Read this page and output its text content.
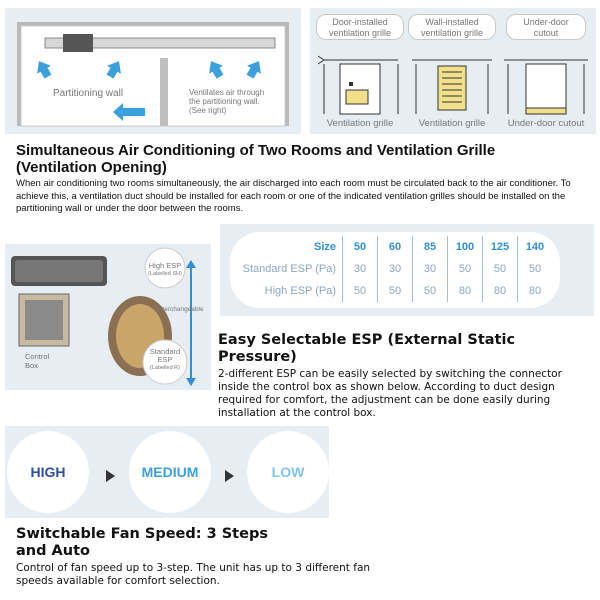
Partitioning wall	Ventilates air through
the partitioning wall.
(See right)
Door-installed
ventilation grille
Ventilation grille
Wall-installed
ventilation grille
Ventilation grille
Under-door
cutout
Under-door cutout
Simultaneous Air Conditioning of Two Rooms and Ventilation Grille
(Ventilation Opening)

When air conditioning two rooms simultaneously, the air discharged into each room must be circulated back to the air conditioner. To achieve this, a ventilation duct should be installed for each room or one of the indicated ventilation grilles should be installed on the partitioning wall or under the door between the rooms.

High ESP
(Labelled SH)
Interchangeable
Standard
ESP
(Labelled R)
Control
Box
Size	50	60	85	100	125	140
Standard ESP (Pa)	30	30	30	50	50	50
High ESP (Pa)	50	50	50	80	80	80
Easy Selectable ESP (External Static
Pressure)

2-different ESP can be easily selected by switching the connector inside the control box as shown below. According to duct design required for comfort, the adjustment can be done easily during installation at the control box.

HIGH	MEDIUM	LOW
Switchable Fan Speed: 3 Steps
and Auto

Control of fan speed up to 3-step. The unit has up to 3 different fan speeds available for comfort selection.
